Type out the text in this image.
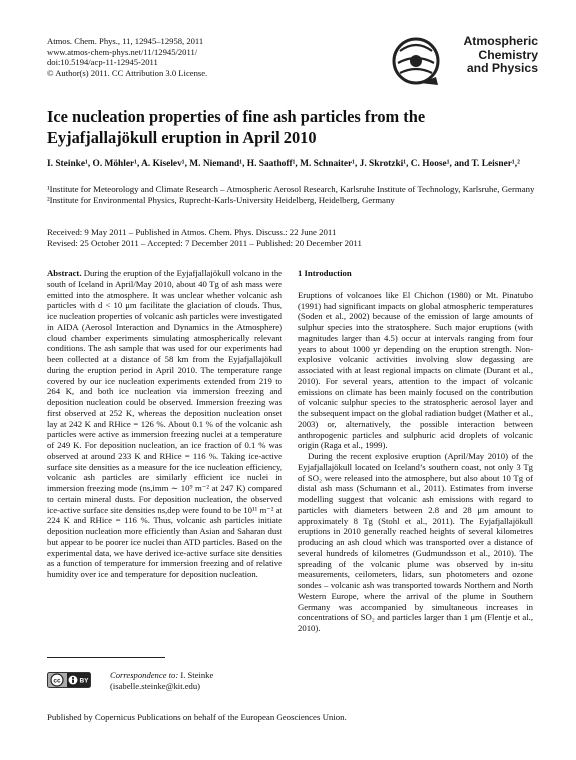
Atmos. Chem. Phys., 11, 12945–12958, 2011
www.atmos-chem-phys.net/11/12945/2011/
doi:10.5194/acp-11-12945-2011
© Author(s) 2011. CC Attribution 3.0 License.
Atmospheric
Chemistry
and Physics
Ice nucleation properties of fine ash particles from the Eyjafjallajökull eruption in April 2010
I. Steinke¹, O. Möhler¹, A. Kiselev¹, M. Niemand¹, H. Saathoff¹, M. Schnaiter¹, J. Skrotzki¹, C. Hoose¹, and T. Leisner¹,²

¹Institute for Meteorology and Climate Research – Atmospheric Aerosol Research, Karlsruhe Institute of Technology, Karlsruhe, Germany

²Institute for Environmental Physics, Ruprecht-Karls-University Heidelberg, Heidelberg, Germany

Received: 9 May 2011 – Published in Atmos. Chem. Phys. Discuss.: 22 June 2011
Revised: 25 October 2011 – Accepted: 7 December 2011 – Published: 20 December 2011

Abstract. During the eruption of the Eyjafjallajökull volcano in the south of Iceland in April/May 2010, about 40 Tg of ash mass were emitted into the atmosphere. It was unclear whether volcanic ash particles with d < 10 μm facilitate the glaciation of clouds. Thus, ice nucleation properties of volcanic ash particles were investigated in AIDA (Aerosol Interaction and Dynamics in the Atmosphere) cloud chamber experiments simulating atmospherically relevant conditions. The ash sample that was used for our experiments had been collected at a distance of 58 km from the Eyjafjallajökull during the eruption period in April 2010. The temperature range covered by our ice nucleation experiments extended from 219 to 264 K, and both ice nucleation via immersion freezing and deposition nucleation could be observed. Immersion freezing was first observed at 252 K, whereas the deposition nucleation onset lay at 242 K and RHice = 126 %. About 0.1 % of the volcanic ash particles were active as immersion freezing nuclei at a temperature of 249 K. For deposition nucleation, an ice fraction of 0.1 % was observed at around 233 K and RHice = 116 %. Taking ice-active surface site densities as a measure for the ice nucleation efficiency, volcanic ash particles are similarly efficient ice nuclei in immersion freezing mode (ns,imm ∼ 10⁹ m⁻² at 247 K) compared to certain mineral dusts. For deposition nucleation, the observed ice-active surface site densities ns,dep were found to be 10¹¹ m⁻² at 224 K and RHice = 116 %. Thus, volcanic ash particles initiate deposition nucleation more efficiently than Asian and Saharan dust but appear to be poorer ice nuclei than ATD particles. Based on the experimental data, we have derived ice-active surface site densities as a function of temperature for immersion freezing and of relative humidity over ice and temperature for deposition nucleation.

1 Introduction

Eruptions of volcanoes like El Chichon (1980) or Mt. Pinatubo (1991) had significant impacts on global atmospheric temperatures (Soden et al., 2002) because of the emission of large amounts of sulphur species into the stratosphere. Such major eruptions (with magnitudes larger than 4.5) occur at intervals ranging from four years to about 1000 yr depending on the eruption strength. Non-explosive volcanic activities involving slow degassing are associated with at least regional impacts on climate (Durant et al., 2010). For several years, attention to the impact of volcanic emissions on climate has been mainly focused on the contribution of volcanic sulphur species to the stratospheric aerosol layer and the subsequent impact on the global radiation budget (Mather et al., 2003) or, alternatively, the possible interaction between anthropogenic particles and sulphuric acid droplets of volcanic origin (Raga et al., 1999).

During the recent explosive eruption (April/May 2010) of the Eyjafjallajökull located on Iceland’s southern coast, not only 3 Tg of SO₂ were released into the atmosphere, but also about 10 Tg of distal ash mass (Schumann et al., 2011). Estimates from inverse modelling suggest that volcanic ash emissions with regard to particles with diameters between 2.8 and 28 μm amount to approximately 8 Tg (Stohl et al., 2011). The Eyjafjallajökull eruptions in 2010 generally reached heights of several kilometres producing an ash cloud which was transported over a distance of several hundreds of kilometres (Gudmundsson et al., 2010). The spreading of the volcanic plume was observed by in-situ measurements, ceilometers, lidars, sun photometers and ozone sondes – volcanic ash was transported towards Northern and North Western Europe, where the arrival of the plume in Southern Germany was accompanied by simultaneous increases in concentrations of SO₂ and particles larger than 1 μm (Flentje et al., 2010).

cc	BY
Correspondence to: I. Steinke
(isabelle.steinke@kit.edu)
Published by Copernicus Publications on behalf of the European Geosciences Union.
